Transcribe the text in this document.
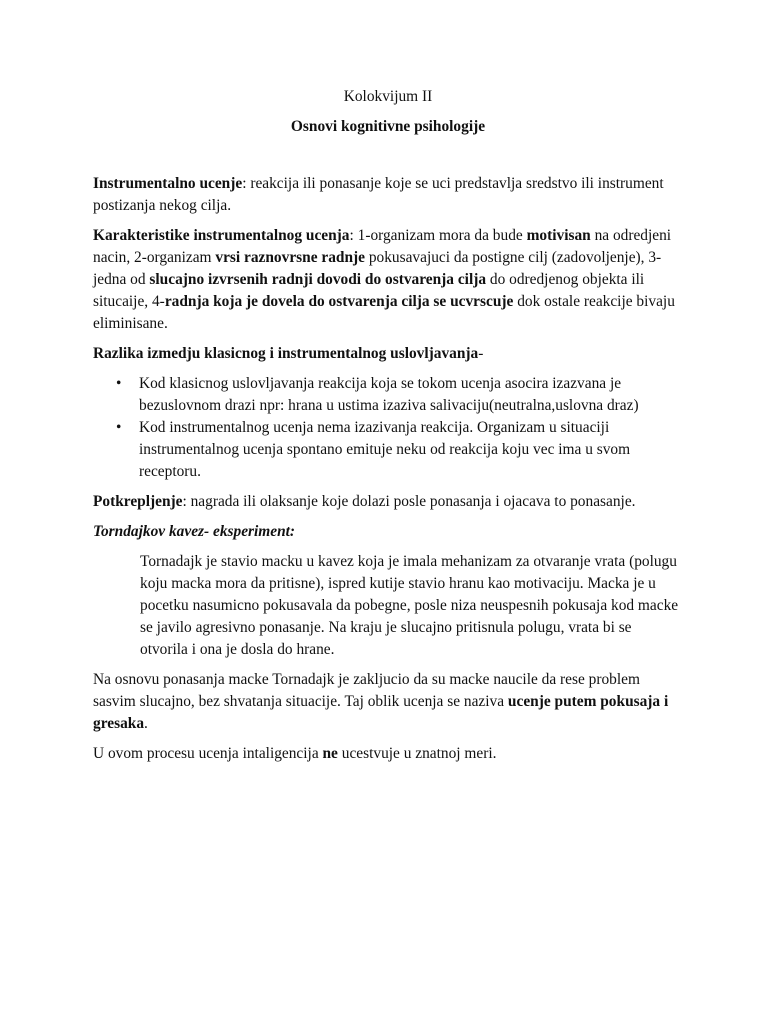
Kolokvijum II
Osnovi kognitivne psihologije

Instrumentalno ucenje: reakcija ili ponasanje koje se uci predstavlja sredstvo ili instrument postizanja nekog cilja.

Karakteristike instrumentalnog ucenja: 1-organizam mora da bude motivisan na odredjeni nacin, 2-organizam vrsi raznovrsne radnje pokusavajuci da postigne cilj (zadovoljenje), 3- jedna od slucajno izvrsenih radnji dovodi do ostvarenja cilja do odredjenog objekta ili situcaije, 4-radnja koja je dovela do ostvarenja cilja se ucvrscuje dok ostale reakcije bivaju eliminisane.

Razlika izmedju klasicnog i instrumentalnog uslovljavanja-

• Kod klasicnog uslovljavanja reakcija koja se tokom ucenja asocira izazvana je bezuslovnom drazi npr: hrana u ustima izaziva salivaciju(neutralna,uslovna draz)
• Kod instrumentalnog ucenja nema izazivanja reakcija. Organizam u situaciji instrumentalnog ucenja spontano emituje neku od reakcija koju vec ima u svom receptoru.

Potkrepljenje: nagrada ili olaksanje koje dolazi posle ponasanja i ojacava to ponasanje.

Torndajkov kavez- eksperiment:

Tornadajk je stavio macku u kavez koja je imala mehanizam za otvaranje vrata (polugu koju macka mora da pritisne), ispred kutije stavio hranu kao motivaciju. Macka je u pocetku nasumicno pokusavala da pobegne, posle niza neuspesnih pokusaja kod macke se javilo agresivno ponasanje. Na kraju je slucajno pritisnula polugu, vrata bi se otvorila i ona je dosla do hrane.

Na osnovu ponasanja macke Tornadajk je zakljucio da su macke naucile da rese problem sasvim slucajno, bez shvatanja situacije. Taj oblik ucenja se naziva ucenje putem pokusaja i gresaka.

U ovom procesu ucenja intaligencija ne ucestvuje u znatnoj meri.
